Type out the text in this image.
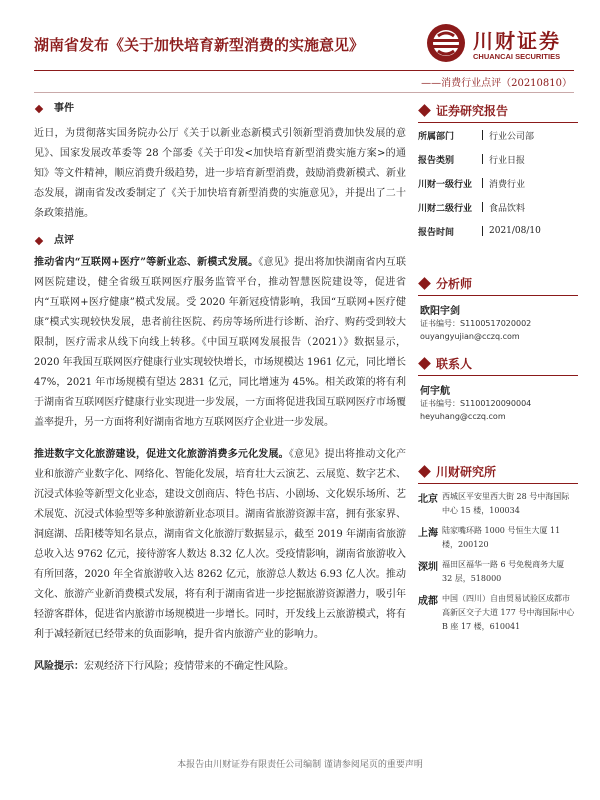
湖南省发布《关于加快培育新型消费的实施意见》	川财证券
CHUANCAI SECURITIES
——消费行业点评（20210810）
事件

近日，为贯彻落实国务院办公厅《关于以新业态新模式引领新型消费加快发展的意见》、国家发展改革委等 28 个部委《关于印发<加快培育新型消费实施方案>的通知》等文件精神，顺应消费升级趋势，进一步培育新型消费，鼓励消费新模式、新业态发展，湖南省发改委制定了《关于加快培育新型消费的实施意见》，并提出了二十条政策措施。

点评

推动省内“互联网+医疗”等新业态、新模式发展。《意见》提出将加快湖南省内互联网医院建设，健全省级互联网医疗服务监管平台，推动智慧医院建设等，促进省内“互联网+医疗健康”模式发展。受 2020 年新冠疫情影响，我国“互联网+医疗健康”模式实现较快发展，患者前往医院、药房等场所进行诊断、治疗、购药受到较大限制，医疗需求从线下向线上转移。《中国互联网发展报告（2021）》数据显示，2020 年我国互联网医疗健康行业实现较快增长，市场规模达 1961 亿元，同比增长 47%，2021 年市场规模有望达 2831 亿元，同比增速为 45%。相关政策的将有利于湖南省互联网医疗健康行业实现进一步发展，一方面将促进我国互联网医疗市场覆盖率提升，另一方面将利好湖南省地方互联网医疗企业进一步发展。

推进数字文化旅游建设，促进文化旅游消费多元化发展。《意见》提出将推动文化产业和旅游产业数字化、网络化、智能化发展，培育壮大云演艺、云展览、数字艺术、沉浸式体验等新型文化业态，建设文创商店、特色书店、小剧场、文化娱乐场所、艺术展览、沉浸式体验型等多种旅游新业态项目。湖南省旅游资源丰富，拥有张家界、洞庭湖、岳阳楼等知名景点，湖南省文化旅游厅数据显示，截至 2019 年湖南省旅游总收入达 9762 亿元，接待游客人数达 8.32 亿人次。受疫情影响，湖南省旅游收入有所回落，2020 年全省旅游收入达 8262 亿元，旅游总人数达 6.93 亿人次。推动文化、旅游产业新消费模式发展，将有利于湖南省进一步挖掘旅游资源潜力，吸引年轻游客群体，促进省内旅游市场规模进一步增长。同时，开发线上云旅游模式，将有利于减轻新冠已经带来的负面影响，提升省内旅游产业的影响力。

风险提示：宏观经济下行风险；疫情带来的不确定性风险。

证券研究报告
所属部门	行业公司部
报告类别	行业日报
川财一级行业	消费行业
川财二级行业	食品饮料
报告时间	2021/08/10
分析师
欧阳宇剑
证书编号：S1100517020002
ouyangyujian@cczq.com
联系人
何宇航
证书编号：S1100120090004
heyuhang@cczq.com
川财研究所
北京 西城区平安里西大街 28 号中海国际中心 15 楼，100034
上海 陆家嘴环路 1000 号恒生大厦 11 楼，200120
深圳 福田区福华一路 6 号免税商务大厦 32 层，518000
成都 中国（四川）自由贸易试验区成都市高新区交子大道 177 号中海国际中心 B 座 17 楼，610041
本报告由川财证券有限责任公司编制 谨请参阅尾页的重要声明
